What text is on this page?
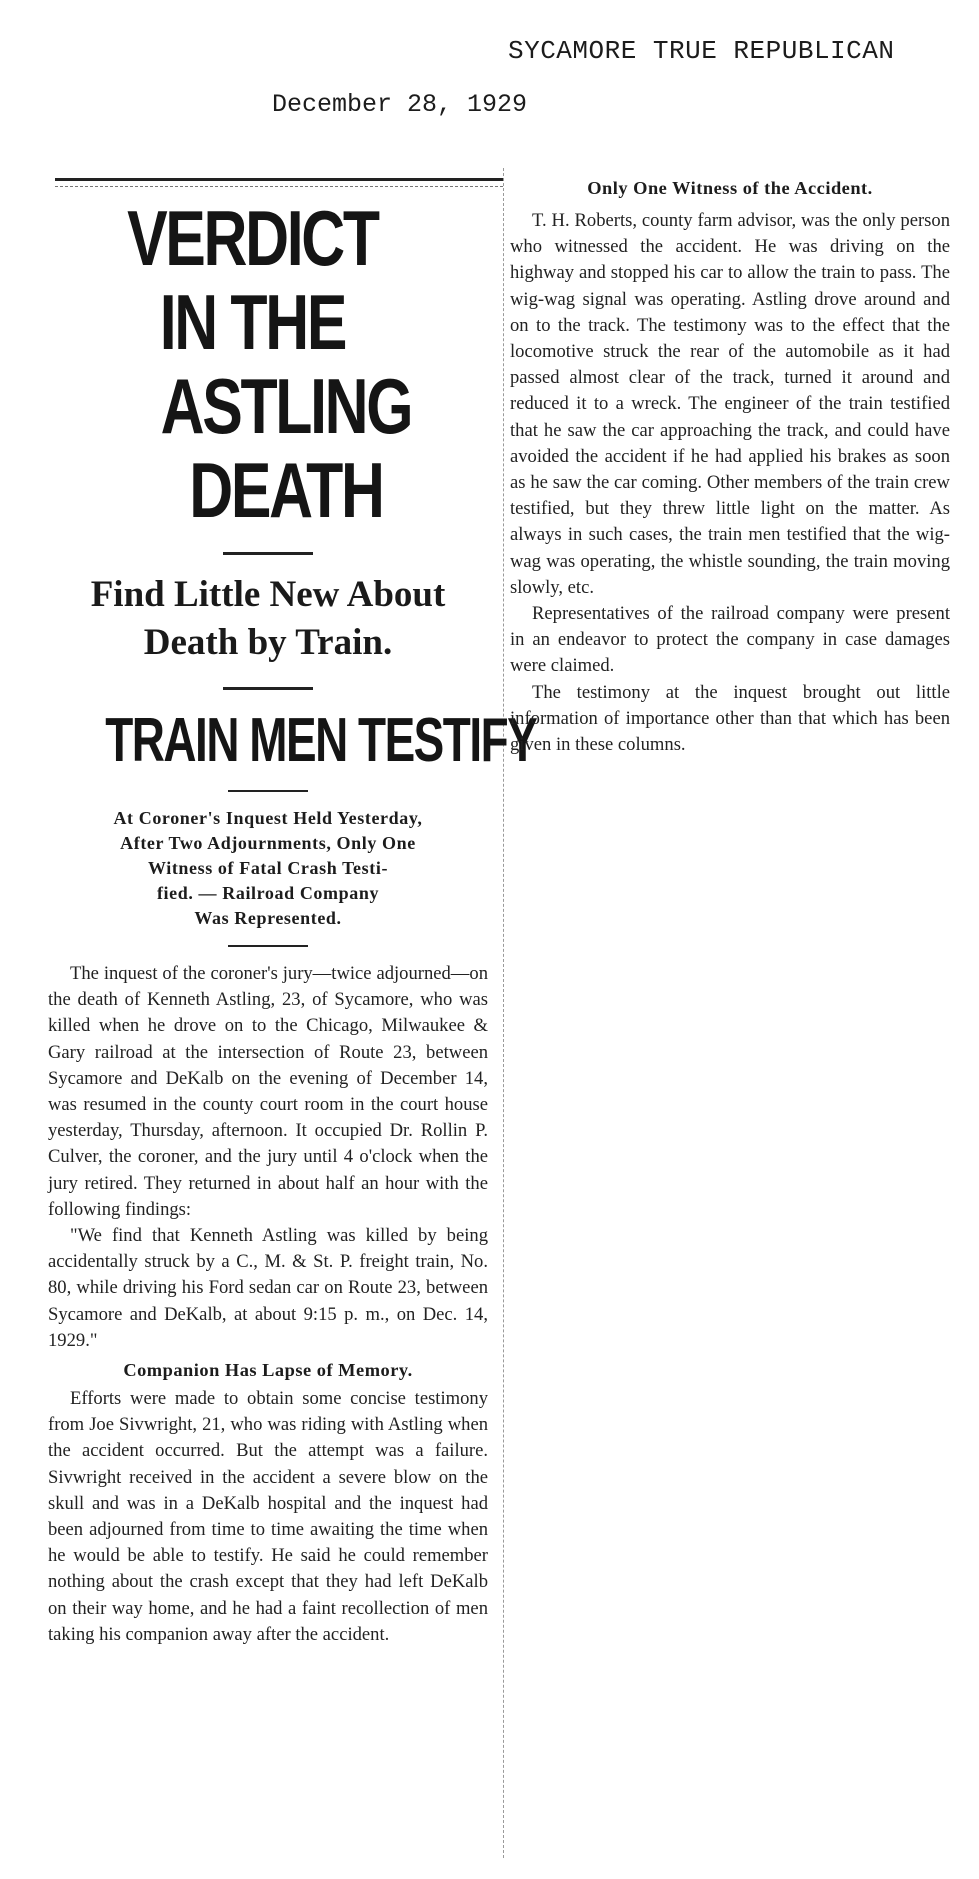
SYCAMORE TRUE REPUBLICAN
December 28, 1929
VERDICT IN THE
ASTLING DEATH
Find Little New About
Death by Train.
TRAIN MEN TESTIFY

At Coroner's Inquest Held Yesterday,
After Two Adjournments, Only One
Witness of Fatal Crash Testi-
fied. — Railroad Company
Was Represented.

The inquest of the coroner's jury—twice adjourned—on the death of Kenneth Astling, 23, of Sycamore, who was killed when he drove on to the Chicago, Milwaukee & Gary railroad at the intersection of Route 23, between Sycamore and DeKalb on the evening of December 14, was resumed in the county court room in the court house yesterday, Thursday, afternoon. It occupied Dr. Rollin P. Culver, the coroner, and the jury until 4 o'clock when the jury retired. They returned in about half an hour with the following findings:

"We find that Kenneth Astling was killed by being accidentally struck by a C., M. & St. P. freight train, No. 80, while driving his Ford sedan car on Route 23, between Sycamore and DeKalb, at about 9:15 p. m., on Dec. 14, 1929."

Companion Has Lapse of Memory.

Efforts were made to obtain some concise testimony from Joe Sivwright, 21, who was riding with Astling when the accident occurred. But the attempt was a failure. Sivwright received in the accident a severe blow on the skull and was in a DeKalb hospital and the inquest had been adjourned from time to time awaiting the time when he would be able to testify. He said he could remember nothing about the crash except that they had left DeKalb on their way home, and he had a faint recollection of men taking his companion away after the accident.

Only One Witness of the Accident.

T. H. Roberts, county farm advisor, was the only person who witnessed the accident. He was driving on the highway and stopped his car to allow the train to pass. The wig-wag signal was operating. Astling drove around and on to the track. The testimony was to the effect that the locomotive struck the rear of the automobile as it had passed almost clear of the track, turned it around and reduced it to a wreck. The engineer of the train testified that he saw the car approaching the track, and could have avoided the accident if he had applied his brakes as soon as he saw the car coming. Other members of the train crew testified, but they threw little light on the matter. As always in such cases, the train men testified that the wig-wag was operating, the whistle sounding, the train moving slowly, etc.

Representatives of the railroad company were present in an endeavor to protect the company in case damages were claimed.

The testimony at the inquest brought out little information of importance other than that which has been given in these columns.
